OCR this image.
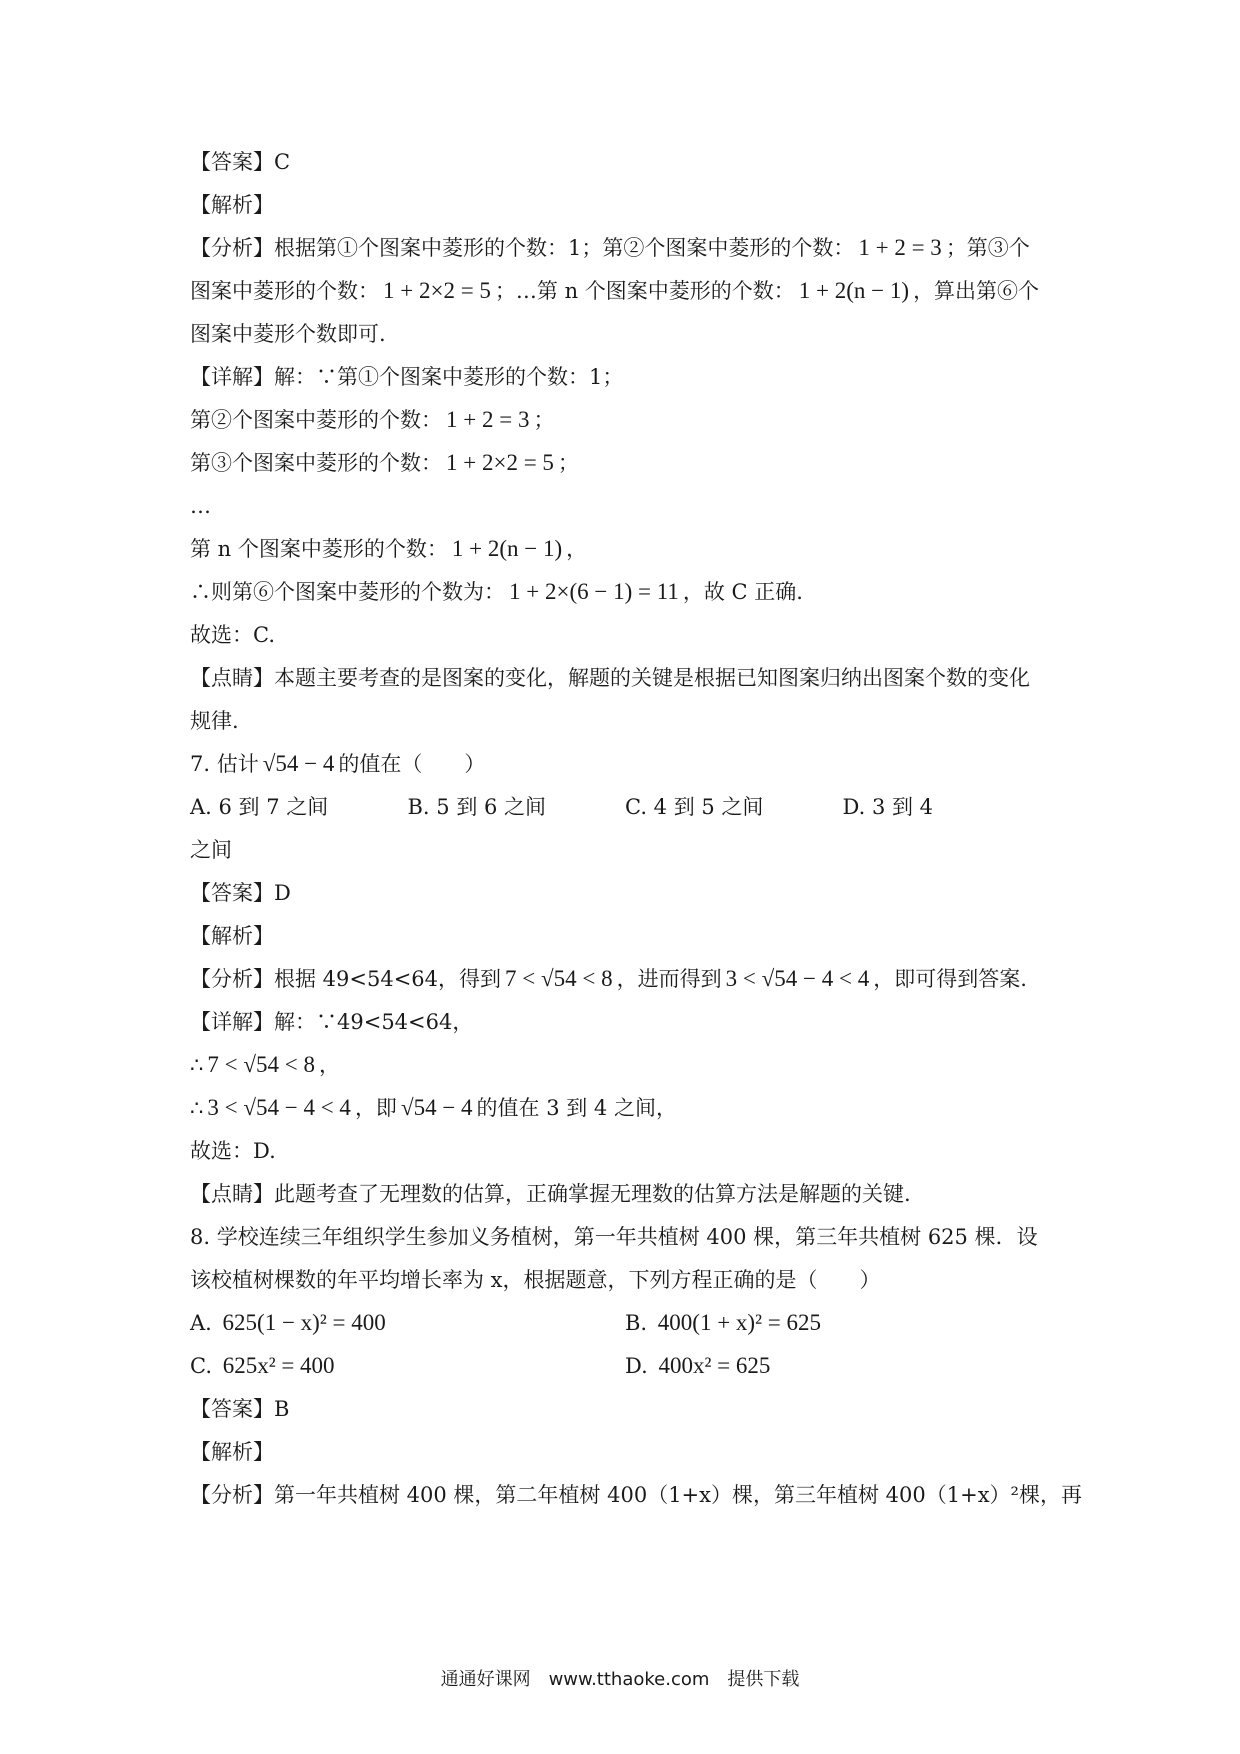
【答案】C
【解析】
【分析】根据第①个图案中菱形的个数：1；第②个图案中菱形的个数： 1 + 2 = 3 ；第③个
图案中菱形的个数： 1 + 2×2 = 5 ；…第 n 个图案中菱形的个数： 1 + 2(n − 1) ，算出第⑥个
图案中菱形个数即可.
【详解】解：∵第①个图案中菱形的个数：1；
第②个图案中菱形的个数： 1 + 2 = 3 ；
第③个图案中菱形的个数： 1 + 2×2 = 5 ；
…
第 n 个图案中菱形的个数： 1 + 2(n − 1) ，
∴则第⑥个图案中菱形的个数为： 1 + 2×(6 − 1) = 11 ，故 C 正确.
故选：C.
【点睛】本题主要考查的是图案的变化，解题的关键是根据已知图案归纳出图案个数的变化
规律.
7. 估计 √54 − 4 的值在（　　）
A. 6 到 7 之间	B. 5 到 6 之间	C. 4 到 5 之间	D. 3 到 4
之间
【答案】D
【解析】
【分析】根据 49<54<64，得到 7 < √54 < 8 ，进而得到 3 < √54 − 4 < 4 ，即可得到答案.
【详解】解：∵49<54<64，
∴ 7 < √54 < 8 ，
∴ 3 < √54 − 4 < 4 ，即 √54 − 4 的值在 3 到 4 之间，
故选：D.
【点睛】此题考查了无理数的估算，正确掌握无理数的估算方法是解题的关键.
8. 学校连续三年组织学生参加义务植树，第一年共植树 400 棵，第三年共植树 625 棵．设
该校植树棵数的年平均增长率为 x，根据题意，下列方程正确的是（　　）
A. 625(1 − x)² = 400	B. 400(1 + x)² = 625
C. 625x² = 400	D. 400x² = 625
【答案】B
【解析】
【分析】第一年共植树 400 棵，第二年植树 400（1+x）棵，第三年植树 400（1+x）²棵，再
通通好课网　www.tthaoke.com　提供下载
